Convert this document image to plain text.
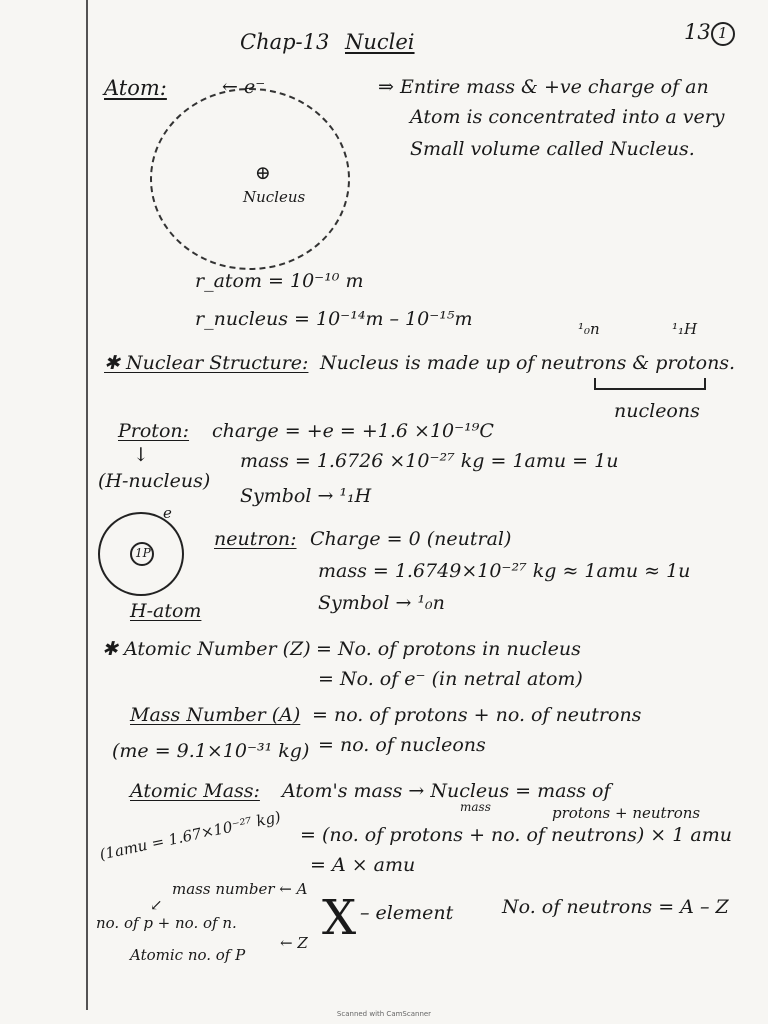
Chap-13 Nuclei	13 1
Atom:	← e⁻
⊕
Nucleus
⇒ Entire mass & +ve charge of an
Atom is concentrated into a very
Small volume called Nucleus.
r_atom = 10⁻¹⁰ m
r_nucleus = 10⁻¹⁴m – 10⁻¹⁵m	¹₀n	¹₁H
✱ Nuclear Structure: Nucleus is made up of neutrons & protons.
nucleons
Proton:
↓
(H-nucleus)
charge = +e = +1.6 ×10⁻¹⁹C
mass = 1.6726 ×10⁻²⁷ kg = 1amu = 1u
Symbol → ¹₁H
1P
e
H-atom
neutron: Charge = 0 (neutral)
mass = 1.6749×10⁻²⁷ kg ≈ 1amu ≈ 1u
Symbol → ¹₀n
✱ Atomic Number (Z) = No. of protons in nucleus
= No. of e⁻ (in netral atom)
Mass Number (A) = no. of protons + no. of neutrons
(me = 9.1×10⁻³¹ kg) = no. of nucleons
Atomic Mass: Atom's mass → Nucleus = mass of
mass	protons + neutrons
(1amu = 1.67×10⁻²⁷ kg) = (no. of protons + no. of neutrons) × 1 amu
= A × amu
mass number ← A
↙
no. of p + no. of n. X – element
Atomic no. of P
← Z
No. of neutrons = A – Z
Scanned with CamScanner
